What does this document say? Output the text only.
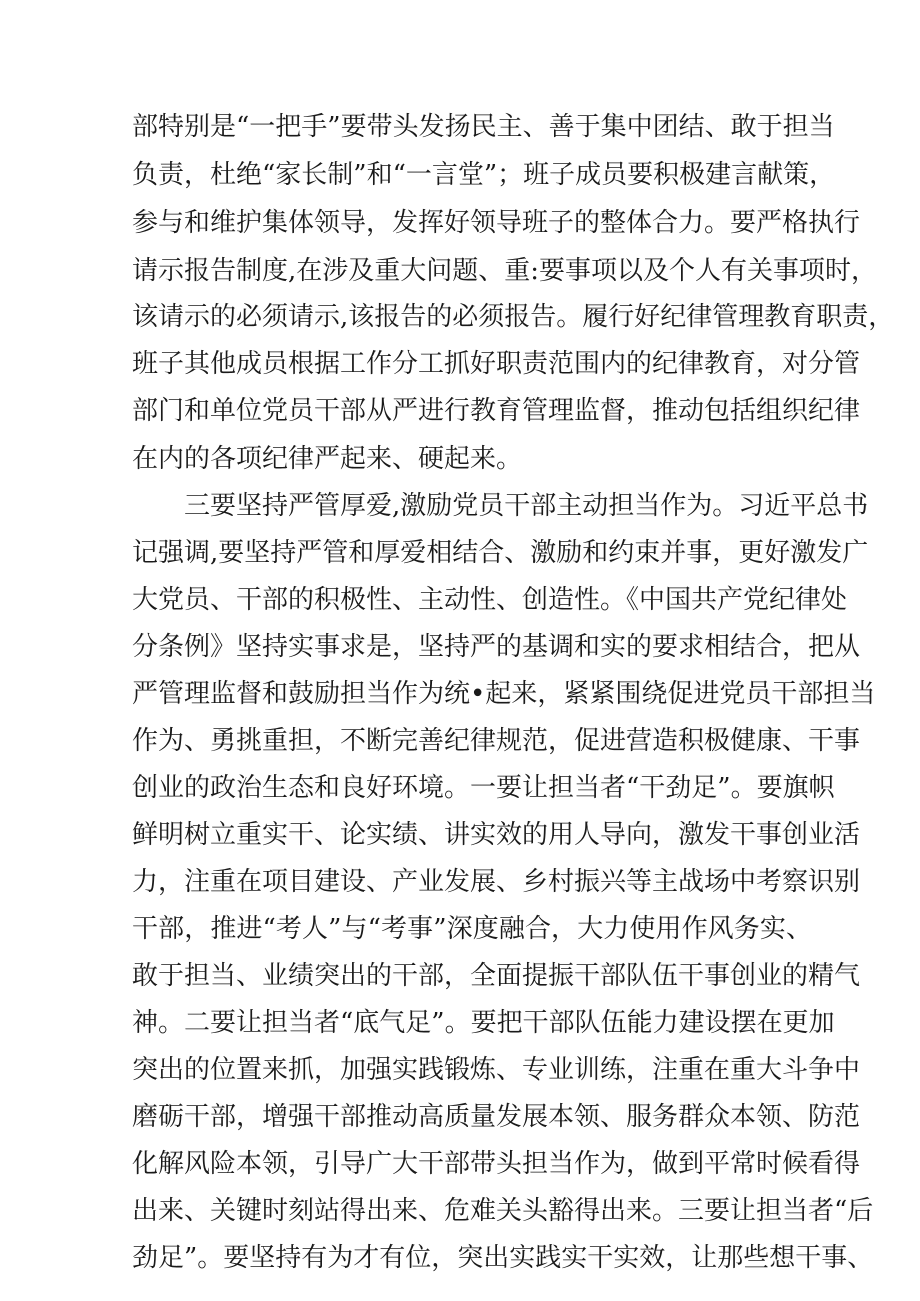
部特别是“一把手”要带头发扬民主、善于集中团结、敢于担当
负责，杜绝“家长制”和“一言堂”；班子成员要积极建言献策，
参与和维护集体领导，发挥好领导班子的整体合力。要严格执行
请示报告制度,在涉及重大问题、重:要事项以及个人有关事项时，
该请示的必须请示,该报告的必须报告。履行好纪律管理教育职责，
班子其他成员根据工作分工抓好职责范围内的纪律教育，对分管
部门和单位党员干部从严进行教育管理监督，推动包括组织纪律
在内的各项纪律严起来、硬起来。
三要坚持严管厚爱,激励党员干部主动担当作为。习近平总书
记强调,要坚持严管和厚爱相结合、激励和约束并事，更好激发广
大党员、干部的积极性、主动性、创造性。《中国共产党纪律处
分条例》坚持实事求是，坚持严的基调和实的要求相结合，把从
严管理监督和鼓励担当作为统•起来，紧紧围绕促进党员干部担当
作为、勇挑重担，不断完善纪律规范，促进营造积极健康、干事
创业的政治生态和良好环境。一要让担当者“干劲足”。要旗帜
鲜明树立重实干、论实绩、讲实效的用人导向，激发干事创业活
力，注重在项目建设、产业发展、乡村振兴等主战场中考察识别
干部，推进“考人”与“考事”深度融合，大力使用作风务实、
敢于担当、业绩突出的干部，全面提振干部队伍干事创业的精气
神。二要让担当者“底气足”。要把干部队伍能力建设摆在更加
突出的位置来抓，加强实践锻炼、专业训练，注重在重大斗争中
磨砺干部，增强干部推动高质量发展本领、服务群众本领、防范
化解风险本领，引导广大干部带头担当作为，做到平常时候看得
出来、关键时刻站得出来、危难关头豁得出来。三要让担当者“后
劲足”。要坚持有为才有位，突出实践实干实效，让那些想干事、
